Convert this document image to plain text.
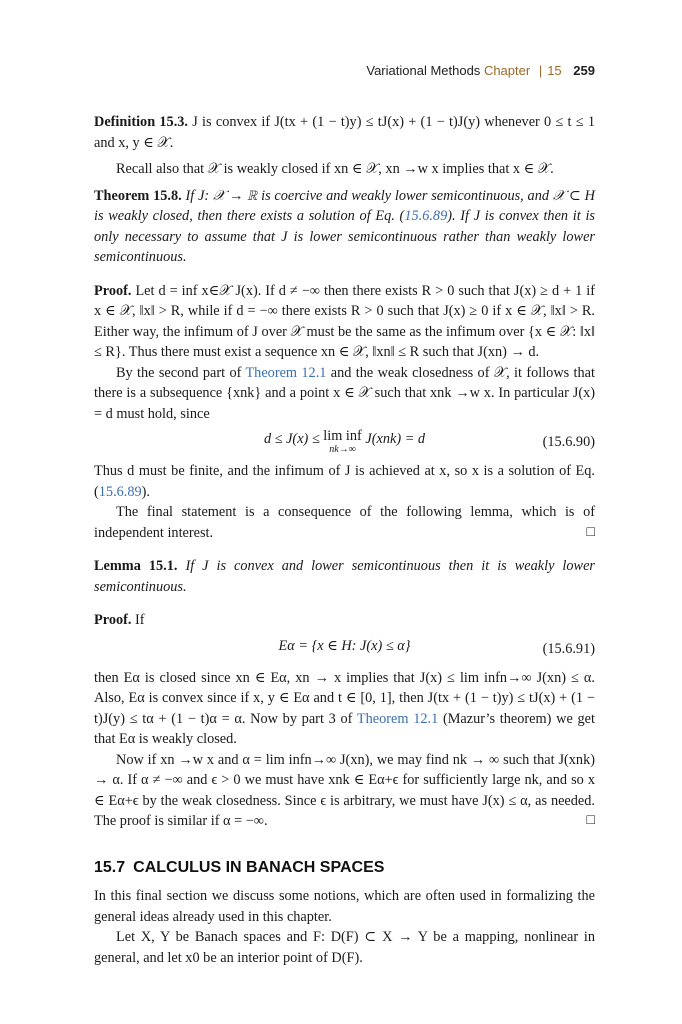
Variational Methods Chapter | 15 259

Definition 15.3. J is convex if J(tx + (1 − t)y) ≤ tJ(x) + (1 − t)J(y) whenever 0 ≤ t ≤ 1 and x, y ∈ 𝒳.

Recall also that 𝒳 is weakly closed if xn ∈ 𝒳, xn →w x implies that x ∈ 𝒳.

Theorem 15.8. If J: 𝒳 → ℝ is coercive and weakly lower semicontinuous, and 𝒳 ⊂ H is weakly closed, then there exists a solution of Eq. (15.6.89). If J is convex then it is only necessary to assume that J is lower semicontinuous rather than weakly lower semicontinuous.

Proof. Let d = inf x∈𝒳 J(x). If d ≠ −∞ then there exists R > 0 such that J(x) ≥ d + 1 if x ∈ 𝒳, ‖x‖ > R, while if d = −∞ there exists R > 0 such that J(x) ≥ 0 if x ∈ 𝒳, ‖x‖ > R. Either way, the infimum of J over 𝒳 must be the same as the infimum over {x ∈ 𝒳: ‖x‖ ≤ R}. Thus there must exist a sequence xn ∈ 𝒳, ‖xn‖ ≤ R such that J(xn) → d.

By the second part of Theorem 12.1 and the weak closedness of 𝒳, it follows that there is a subsequence {xnk} and a point x ∈ 𝒳 such that xnk →w x. In particular J(x) = d must hold, since

d ≤ J(x) ≤ lim inf
nk→∞
J(xnk) = d	(15.6.90)

Thus d must be finite, and the infimum of J is achieved at x, so x is a solution of Eq. (15.6.89).

The final statement is a consequence of the following lemma, which is of independent interest.	□

Lemma 15.1. If J is convex and lower semicontinuous then it is weakly lower semicontinuous.

Proof. If

Eα = {x ∈ H: J(x) ≤ α}	(15.6.91)

then Eα is closed since xn ∈ Eα, xn → x implies that J(x) ≤ lim infn→∞ J(xn) ≤ α. Also, Eα is convex since if x, y ∈ Eα and t ∈ [0, 1], then J(tx + (1 − t)y) ≤ tJ(x) + (1 − t)J(y) ≤ tα + (1 − t)α = α. Now by part 3 of Theorem 12.1 (Mazur’s theorem) we get that Eα is weakly closed.

Now if xn →w x and α = lim infn→∞ J(xn), we may find nk → ∞ such that J(xnk) → α. If α ≠ −∞ and ϵ > 0 we must have xnk ∈ Eα+ϵ for sufficiently large nk, and so x ∈ Eα+ϵ by the weak closedness. Since ϵ is arbitrary, we must have J(x) ≤ α, as needed. The proof is similar if α = −∞.	□

15.7 CALCULUS IN BANACH SPACES

In this final section we discuss some notions, which are often used in formalizing the general ideas already used in this chapter.

Let X, Y be Banach spaces and F: D(F) ⊂ X → Y be a mapping, nonlinear in general, and let x0 be an interior point of D(F).
